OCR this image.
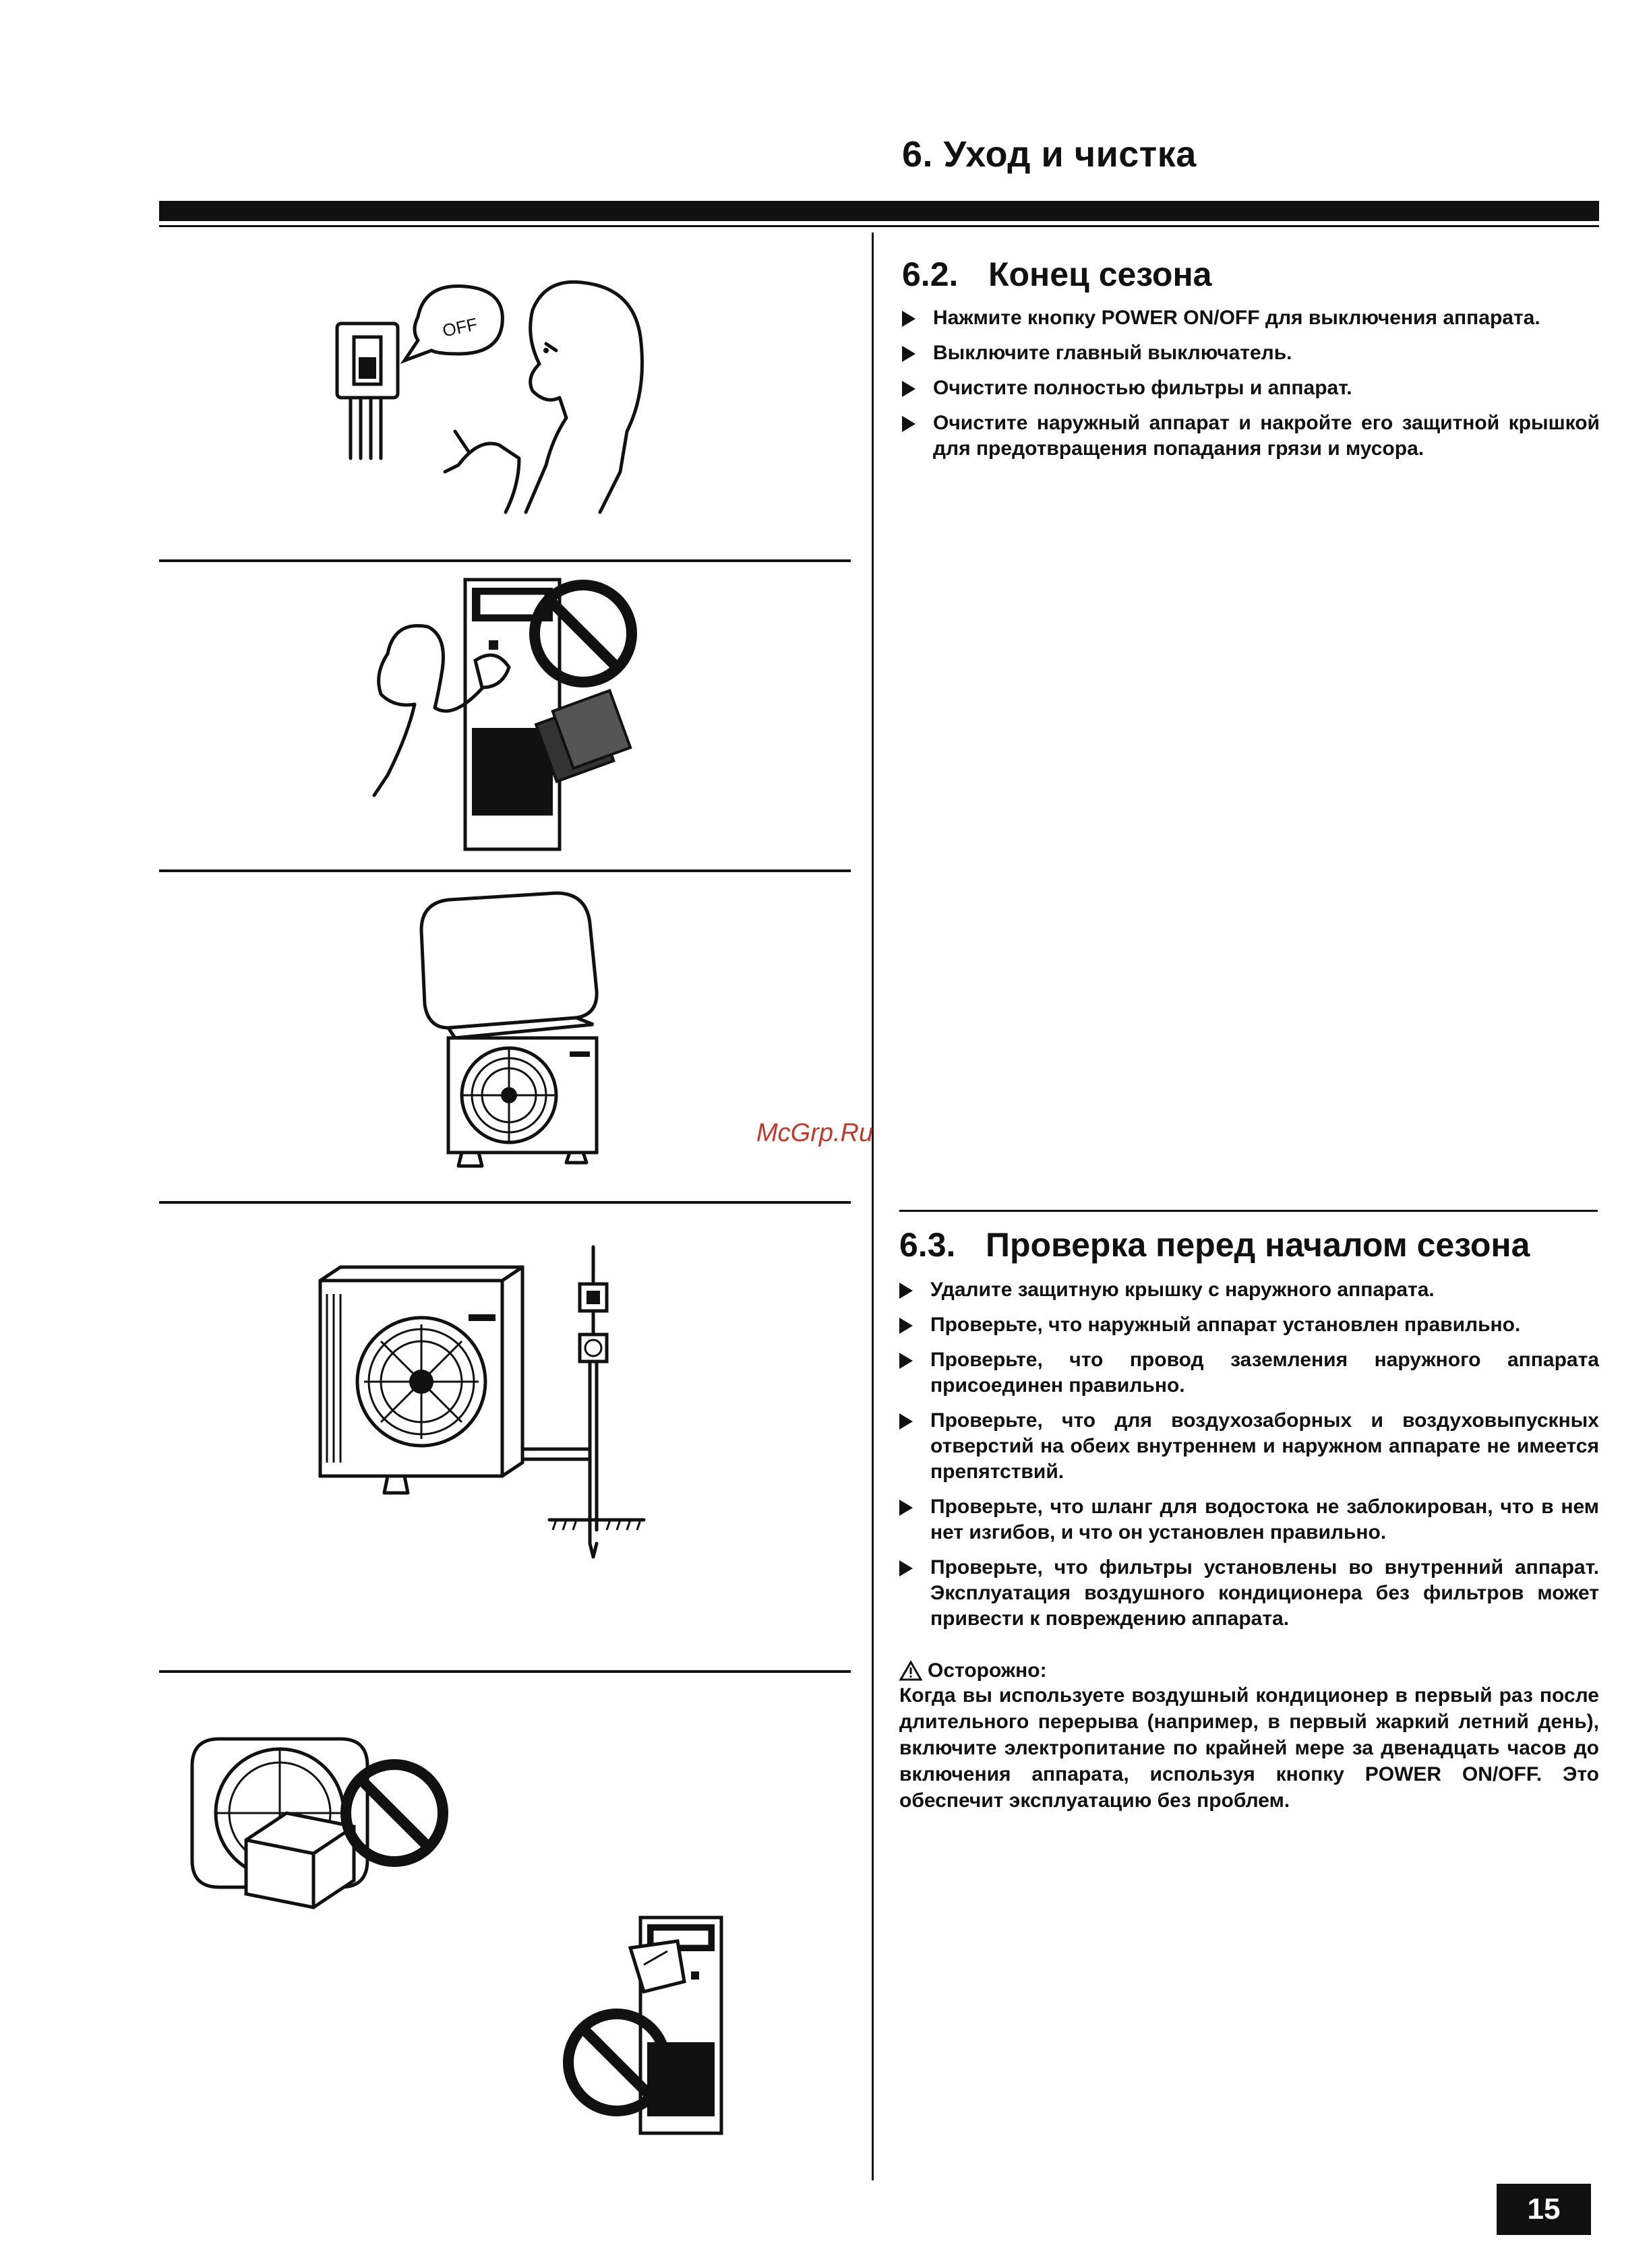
6. Уход и чистка
6.2. Конец сезона
Нажмите кнопку POWER ON/OFF для выключения аппарата.
Выключите главный выключатель.
Очистите полностью фильтры и аппарат.
Очистите наружный аппарат и накройте его защитной крышкой для предотвращения попадания грязи и мусора.
McGrp.Ru
6.3. Проверка перед началом сезона
Удалите защитную крышку с наружного аппарата.
Проверьте, что наружный аппарат установлен правильно.
Проверьте, что провод заземления наружного аппарата присоединен правильно.
Проверьте, что для воздухозаборных и воздуховыпускных отверстий на обеих внутреннем и наружном аппарате не имеется препятствий.
Проверьте, что шланг для водостока не заблокирован, что в нем нет изгибов, и что он установлен правильно.
Проверьте, что фильтры установлены во внутренний аппарат. Эксплуатация воздушного кондиционера без фильтров может привести к повреждению аппарата.
Осторожно:
Когда вы используете воздушный кондиционер в первый раз после длительного перерыва (например, в первый жаркий летний день), включите электропитание по крайней мере за двенадцать часов до включения аппарата, используя кнопку POWER ON/OFF. Это обеспечит эксплуатацию без проблем.
15
OFF
